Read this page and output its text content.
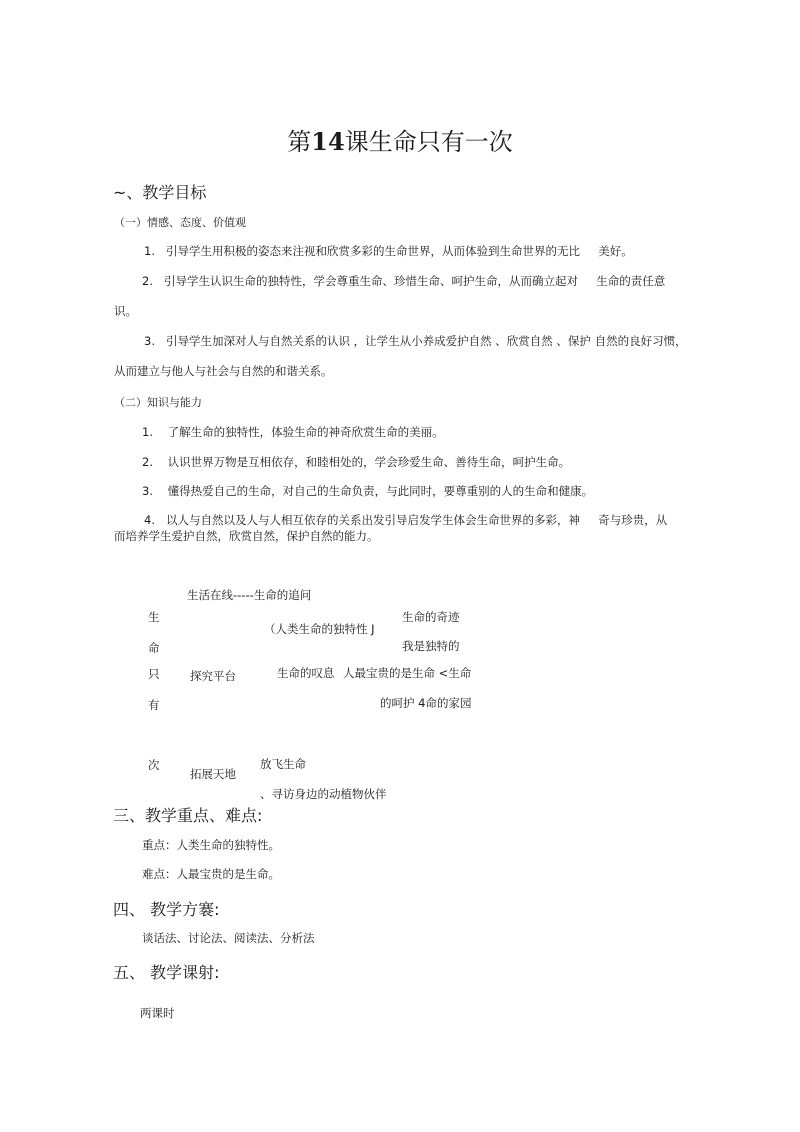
第14课生命只有一次
~、教学目标
（一）情感、态度、价值观
1. 引导学生用积极的姿态来注视和欣赏多彩的生命世界，从而体验到生命世界的无比 美好。
2. 引导学生认识生命的独特性，学会尊重生命、珍惜生命、呵护生命，从而确立起对 生命的责任意
识。
3. 引导学生加深对人与自然关系的认识 ，让学生从小养成爱护自然 、欣赏自然 、保护 自然的良好习惯，
从而建立与他人与社会与自然的和谐关系。
（二）知识与能力
1. 了解生命的独特性，体验生命的神奇欣赏生命的美丽。
2. 认识世界万物是互相依存，和睦相处的，学会珍爱生命、善待生命，呵护生命。
3. 懂得热爱自己的生命，对自己的生命负责，与此同时，要尊重别的人的生命和健康。
4. 以人与自然以及人与人相互依存的关系出发引导启发学生体会生命世界的多彩，神 奇与珍贵，从
而培养学生爱护自然，欣赏自然，保护自然的能力。
生活在线-----生命的追问
生	生命的奇迹
（人类生命的独特性 J
命	我是独特的
只	探究平台	生命的叹息 人最宝贵的是生命 <生命
有	的呵护 4命的家园
次	放飞生命
拓展天地
、寻访身边的动植物伙伴
三、教学重点、难点:
重点：人类生命的独特性。
难点：人最宝贵的是生命。
四、 教学方褰:
谈话法、讨论法、阅读法、分析法
五、 教学课射:
两课时
